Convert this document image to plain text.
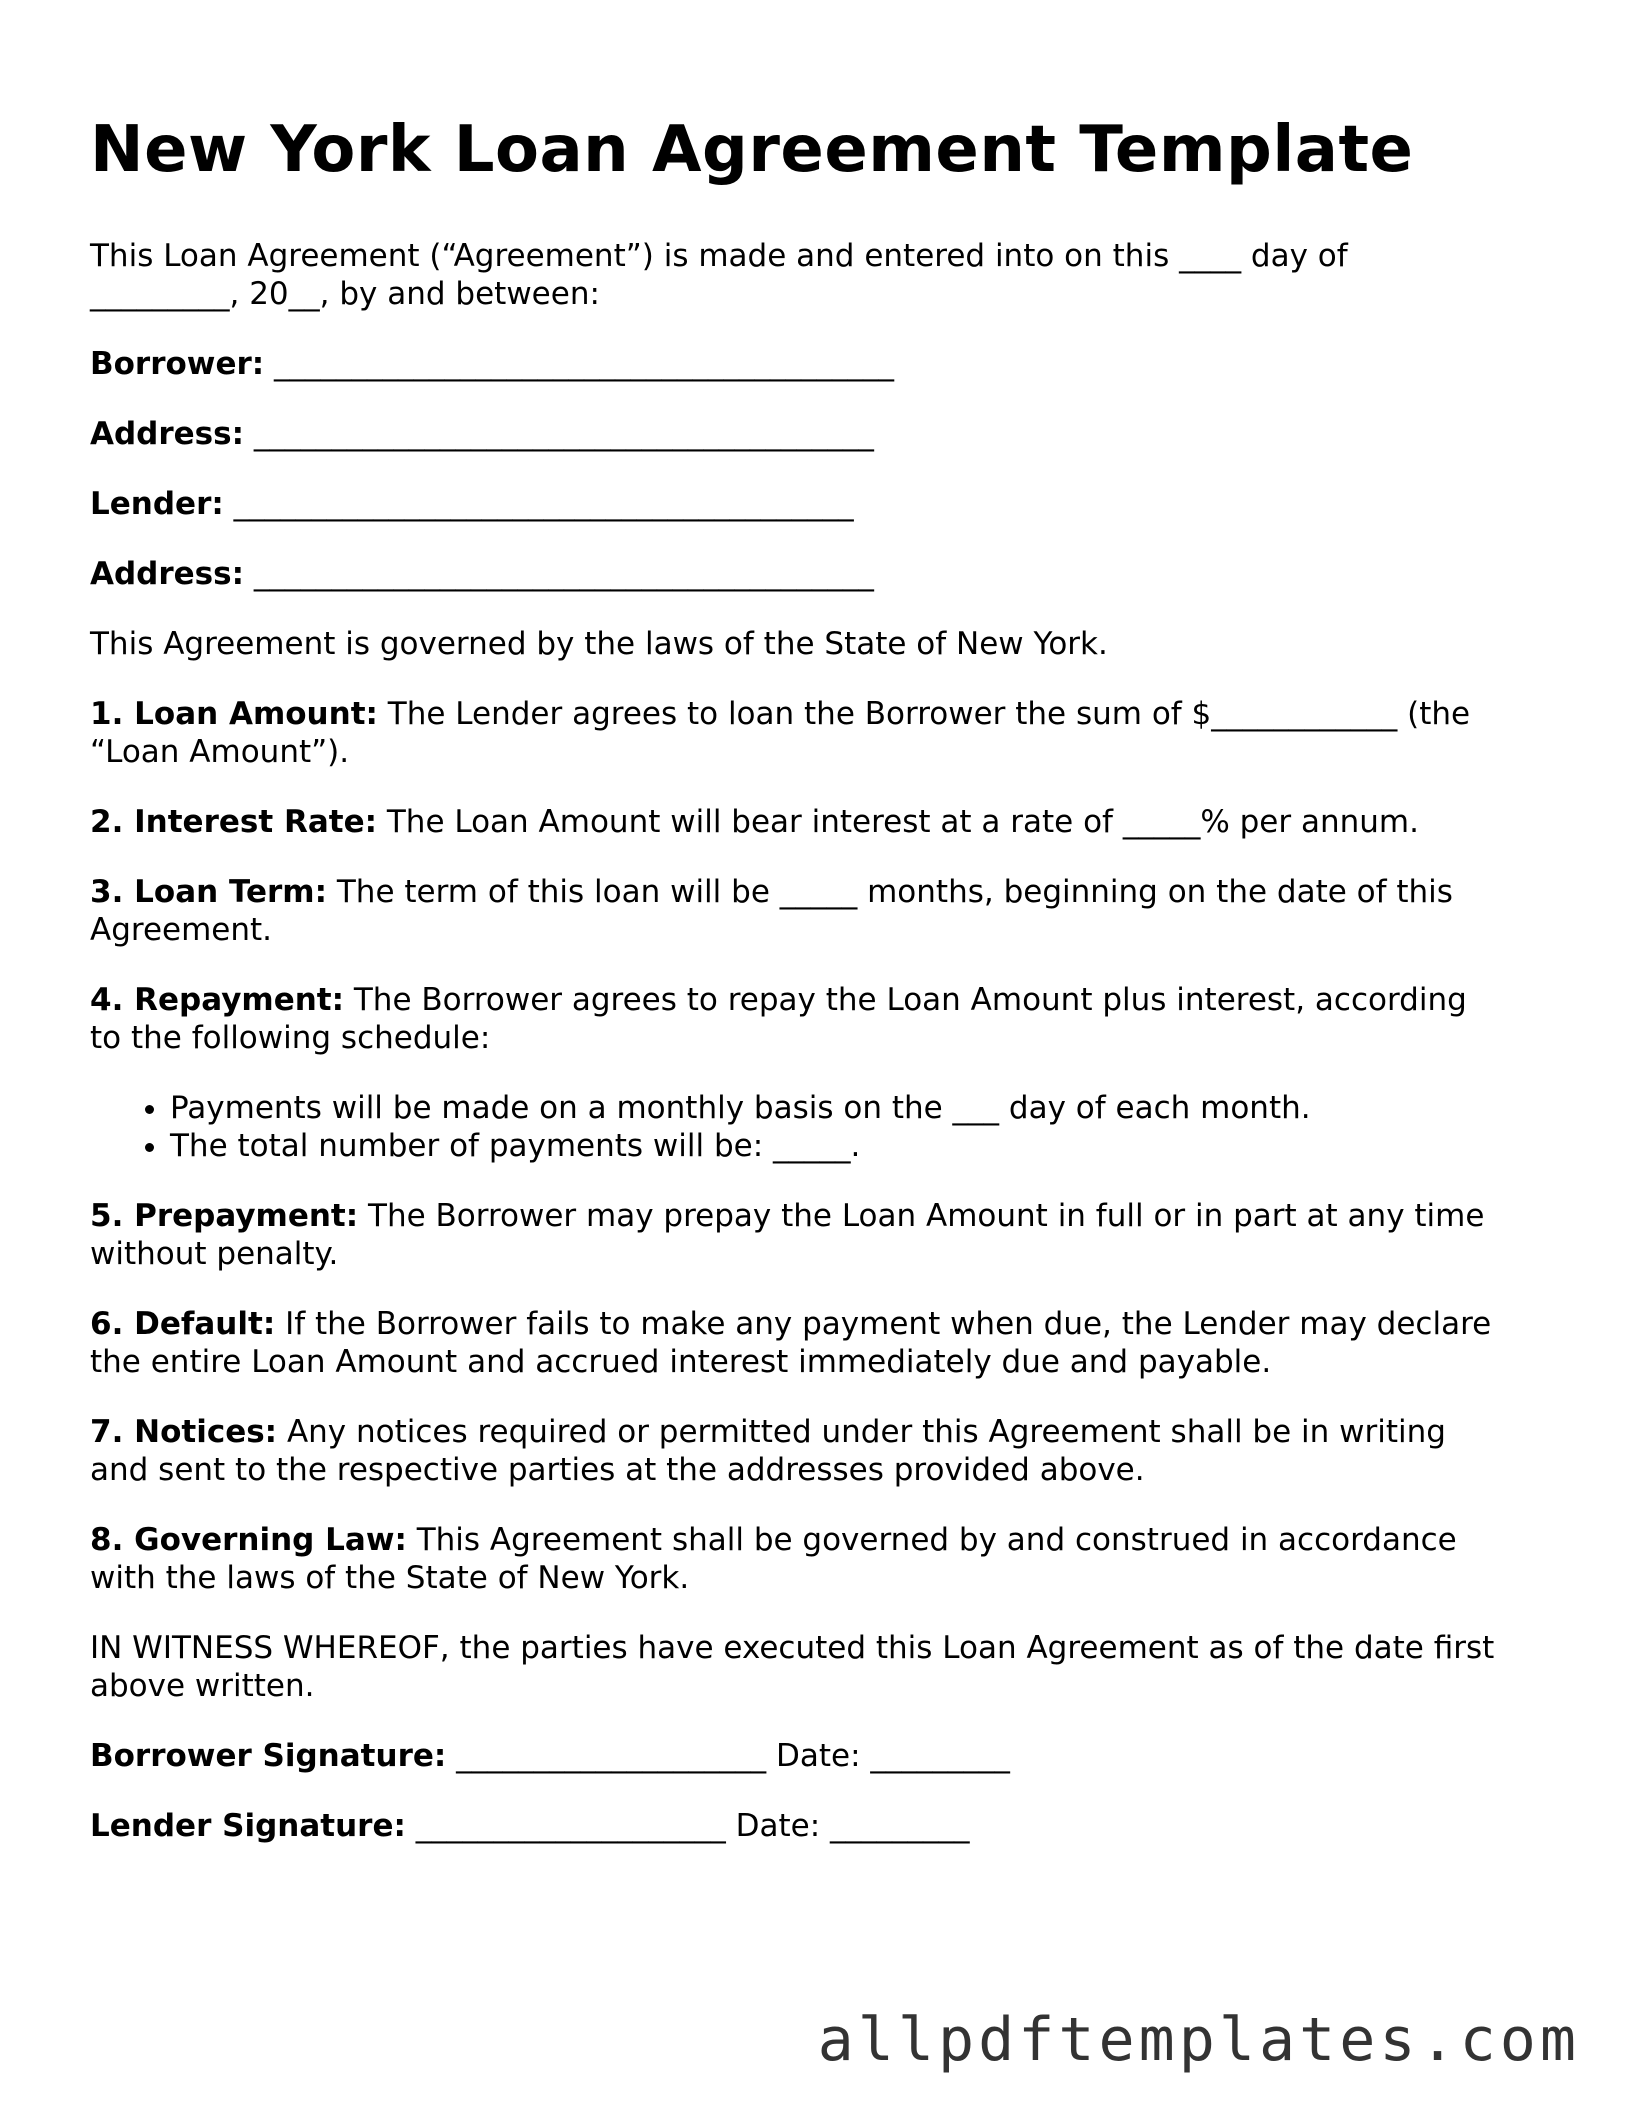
New York Loan Agreement Template

This Loan Agreement (“Agreement”) is made and entered into on this ____ day of
_________, 20__, by and between:

Borrower: ________________________________________

Address: ________________________________________

Lender: ________________________________________

Address: ________________________________________

This Agreement is governed by the laws of the State of New York.

1. Loan Amount: The Lender agrees to loan the Borrower the sum of $____________ (the
“Loan Amount”).

2. Interest Rate: The Loan Amount will bear interest at a rate of _____% per annum.

3. Loan Term: The term of this loan will be _____ months, beginning on the date of this
Agreement.

4. Repayment: The Borrower agrees to repay the Loan Amount plus interest, according
to the following schedule:

• Payments will be made on a monthly basis on the ___ day of each month.
• The total number of payments will be: _____.

5. Prepayment: The Borrower may prepay the Loan Amount in full or in part at any time
without penalty.

6. Default: If the Borrower fails to make any payment when due, the Lender may declare
the entire Loan Amount and accrued interest immediately due and payable.

7. Notices: Any notices required or permitted under this Agreement shall be in writing
and sent to the respective parties at the addresses provided above.

8. Governing Law: This Agreement shall be governed by and construed in accordance
with the laws of the State of New York.

IN WITNESS WHEREOF, the parties have executed this Loan Agreement as of the date first
above written.

Borrower Signature: ____________________ Date: _________

Lender Signature: ____________________ Date: _________

allpdftemplates.com
